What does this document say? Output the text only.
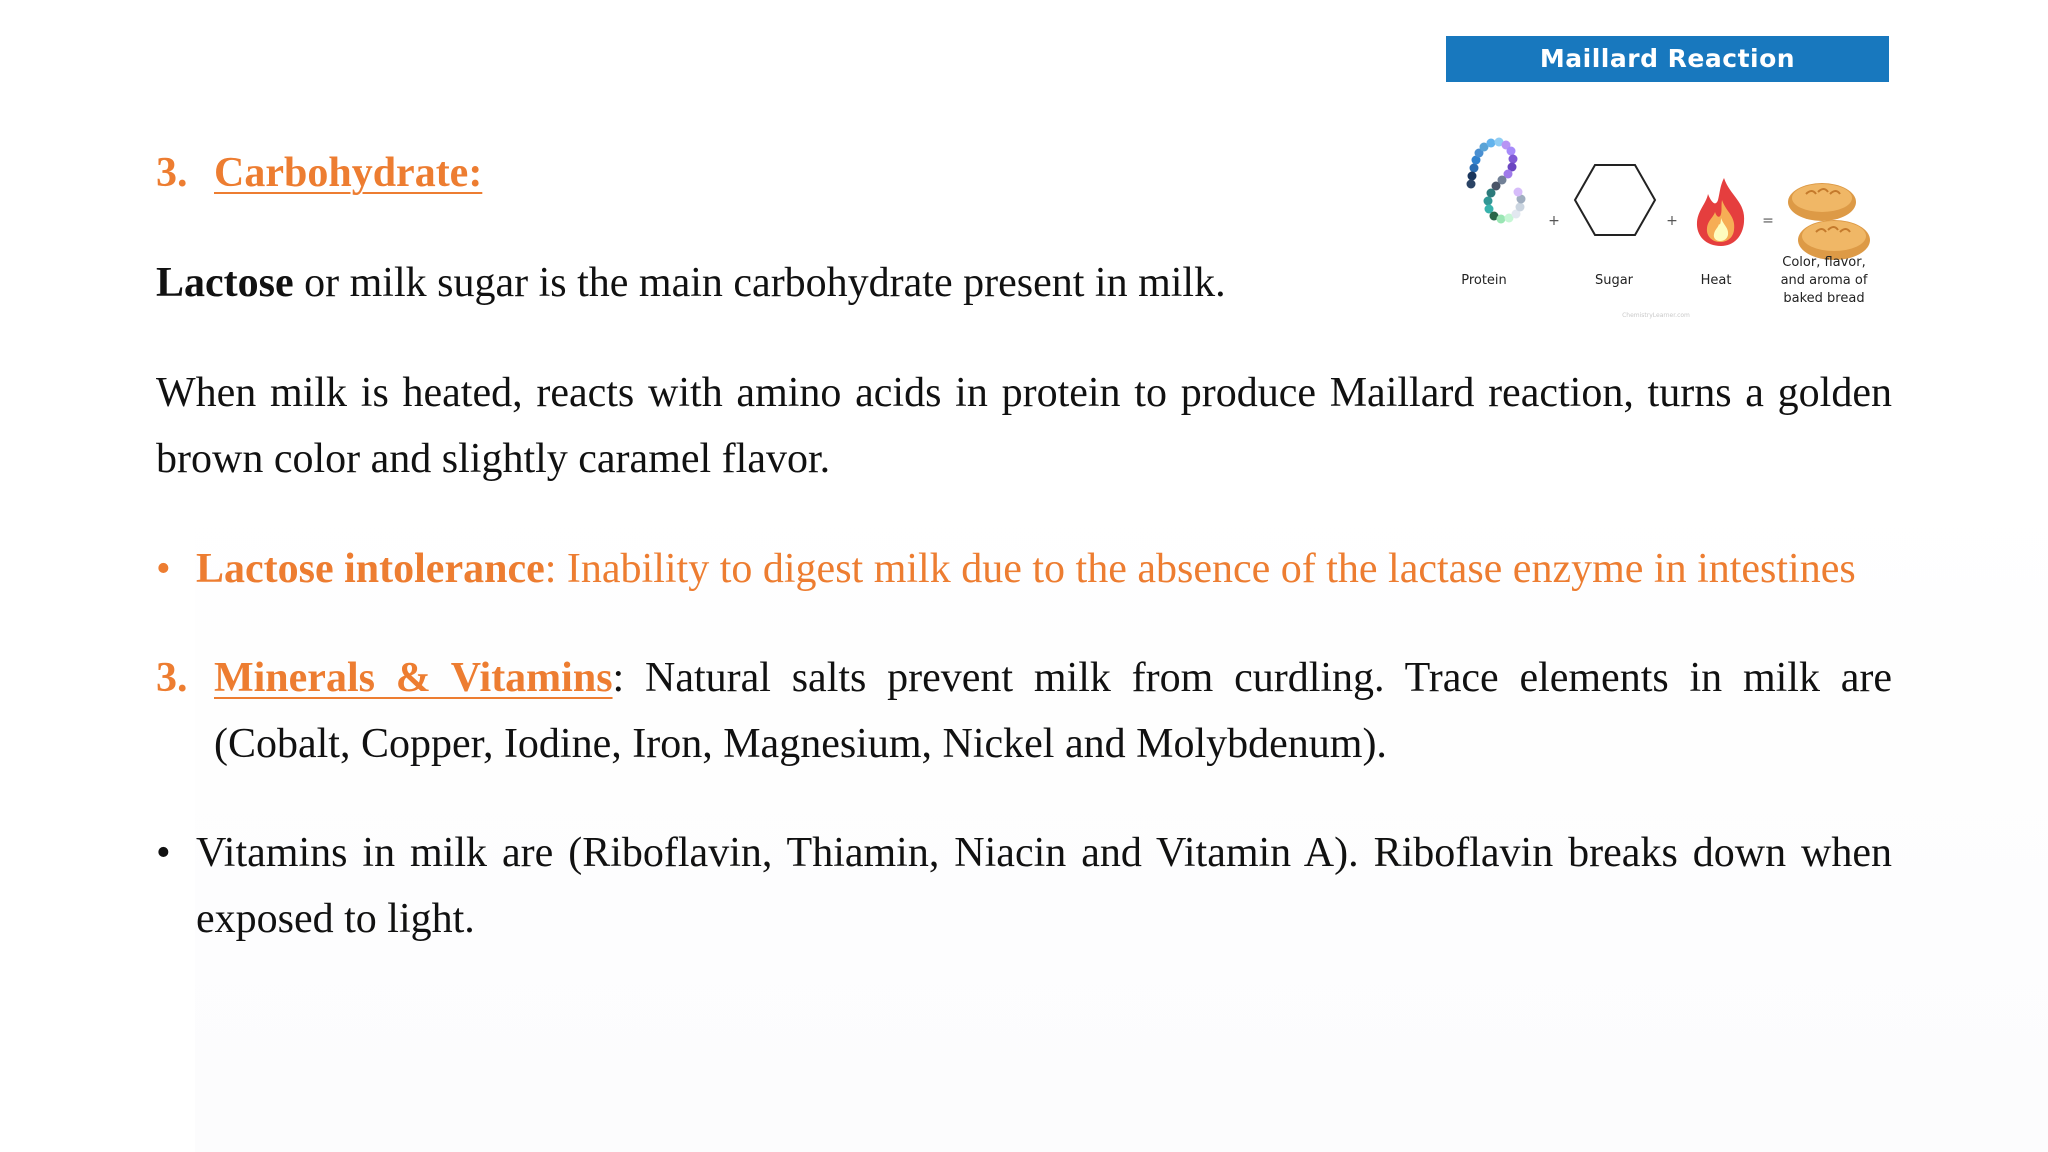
3. Carbohydrate:
Lactose or milk sugar is the main carbohydrate present in milk.
When milk is heated, reacts with amino acids in protein to produce Maillard reaction, turns a golden brown color and slightly caramel flavor.
• Lactose intolerance: Inability to digest milk due to the absence of the lactase enzyme in intestines
3. Minerals & Vitamins: Natural salts prevent milk from curdling. Trace elements in milk are (Cobalt, Copper, Iodine, Iron, Magnesium, Nickel and Molybdenum).
• Vitamins in milk are (Riboflavin, Thiamin, Niacin and Vitamin A). Riboflavin breaks down when exposed to light.
Maillard Reaction
+	+	=
Protein	Sugar	Heat
Color, flavor,
and aroma of
baked bread
ChemistryLearner.com
